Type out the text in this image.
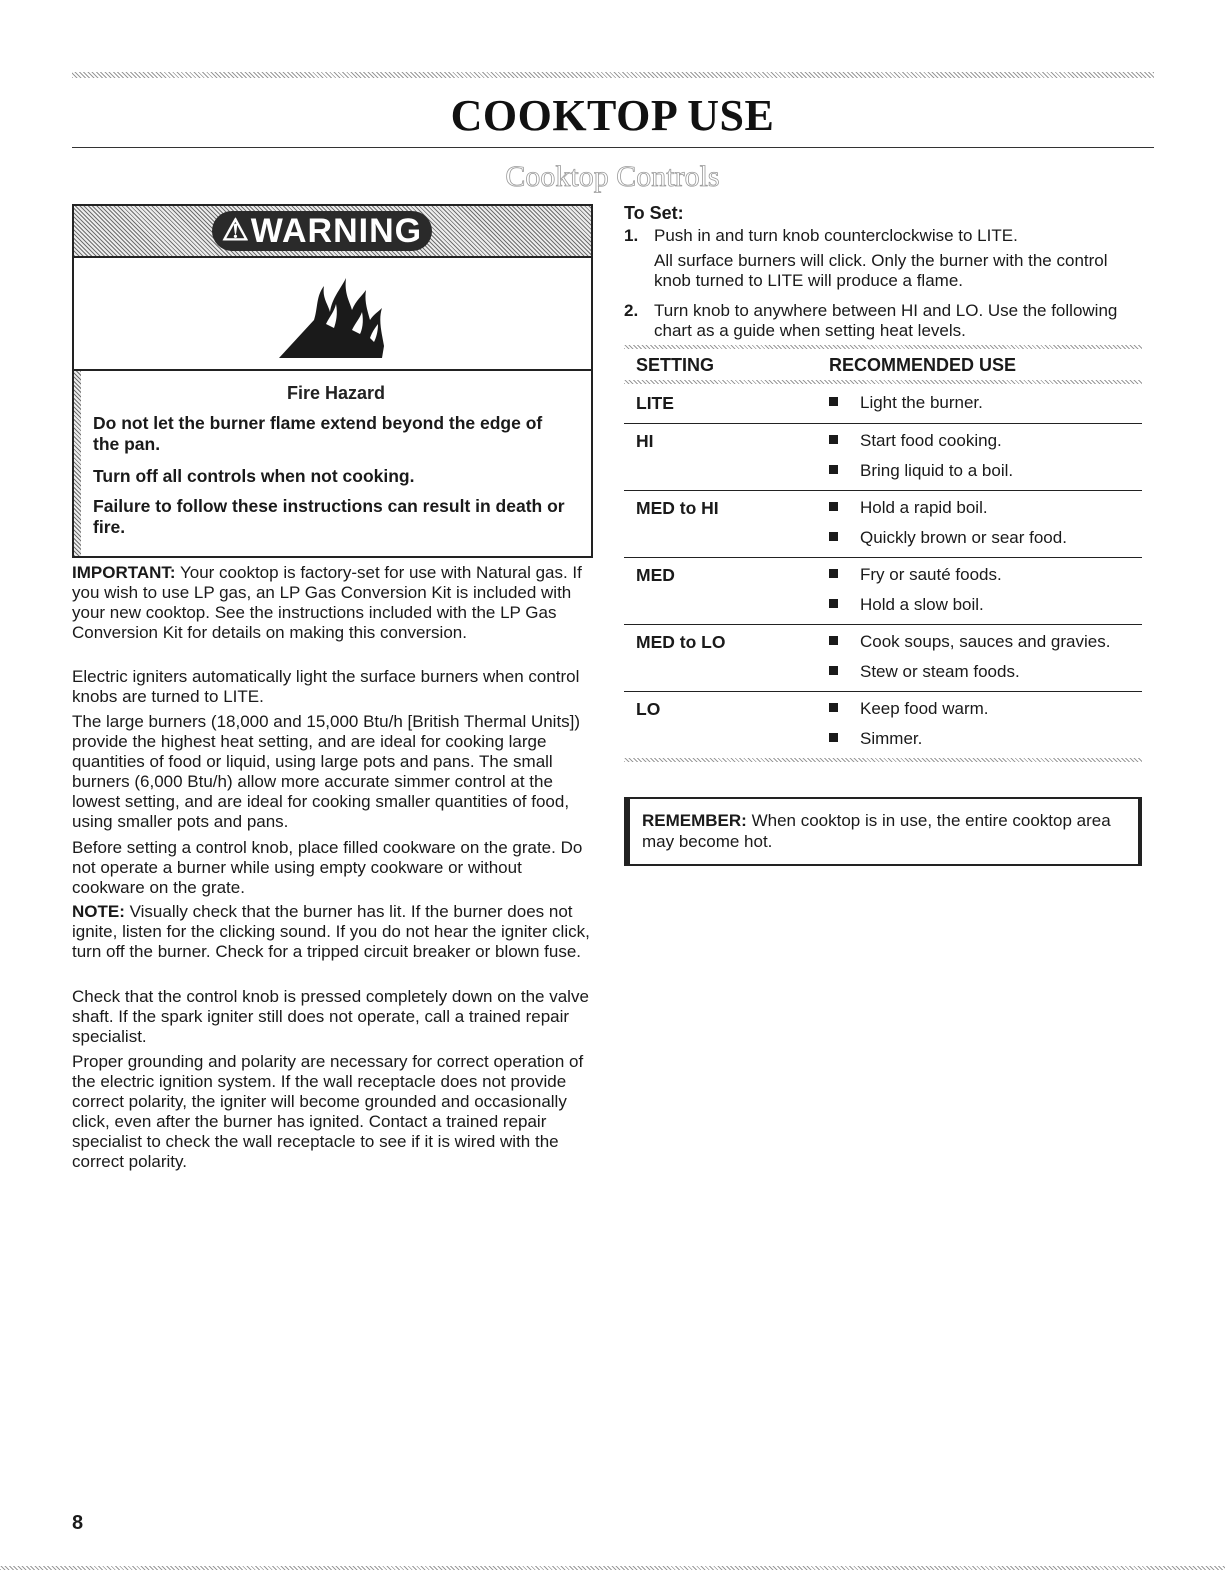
COOKTOP USE
Cooktop Controls
⚠ WARNING

Fire Hazard

Do not let the burner flame extend beyond the edge of the pan.

Turn off all controls when not cooking.

Failure to follow these instructions can result in death or fire.

IMPORTANT: Your cooktop is factory-set for use with Natural gas. If you wish to use LP gas, an LP Gas Conversion Kit is included with your new cooktop. See the instructions included with the LP Gas Conversion Kit for details on making this conversion.

Electric igniters automatically light the surface burners when control knobs are turned to LITE.

The large burners (18,000 and 15,000 Btu/h [British Thermal Units]) provide the highest heat setting, and are ideal for cooking large quantities of food or liquid, using large pots and pans. The small burners (6,000 Btu/h) allow more accurate simmer control at the lowest setting, and are ideal for cooking smaller quantities of food, using smaller pots and pans.

Before setting a control knob, place filled cookware on the grate. Do not operate a burner while using empty cookware or without cookware on the grate.

NOTE: Visually check that the burner has lit. If the burner does not ignite, listen for the clicking sound. If you do not hear the igniter click, turn off the burner. Check for a tripped circuit breaker or blown fuse.

Check that the control knob is pressed completely down on the valve shaft. If the spark igniter still does not operate, call a trained repair specialist.

Proper grounding and polarity are necessary for correct operation of the electric ignition system. If the wall receptacle does not provide correct polarity, the igniter will become grounded and occasionally click, even after the burner has ignited. Contact a trained repair specialist to check the wall receptacle to see if it is wired with the correct polarity.

To Set:

1. Push in and turn knob counterclockwise to LITE.

All surface burners will click. Only the burner with the control knob turned to LITE will produce a flame.

2. Turn knob to anywhere between HI and LO. Use the following chart as a guide when setting heat levels.

SETTING	RECOMMENDED USE

LITE	Light the burner.
HI	Start food cooking.
Bring liquid to a boil.
MED to HI	Hold a rapid boil.
Quickly brown or sear food.
MED	Fry or sauté foods.
Hold a slow boil.
MED to LO	Cook soups, sauces and gravies.
Stew or steam foods.
LO	Keep food warm.
Simmer.

REMEMBER: When cooktop is in use, the entire cooktop area may become hot.

8
